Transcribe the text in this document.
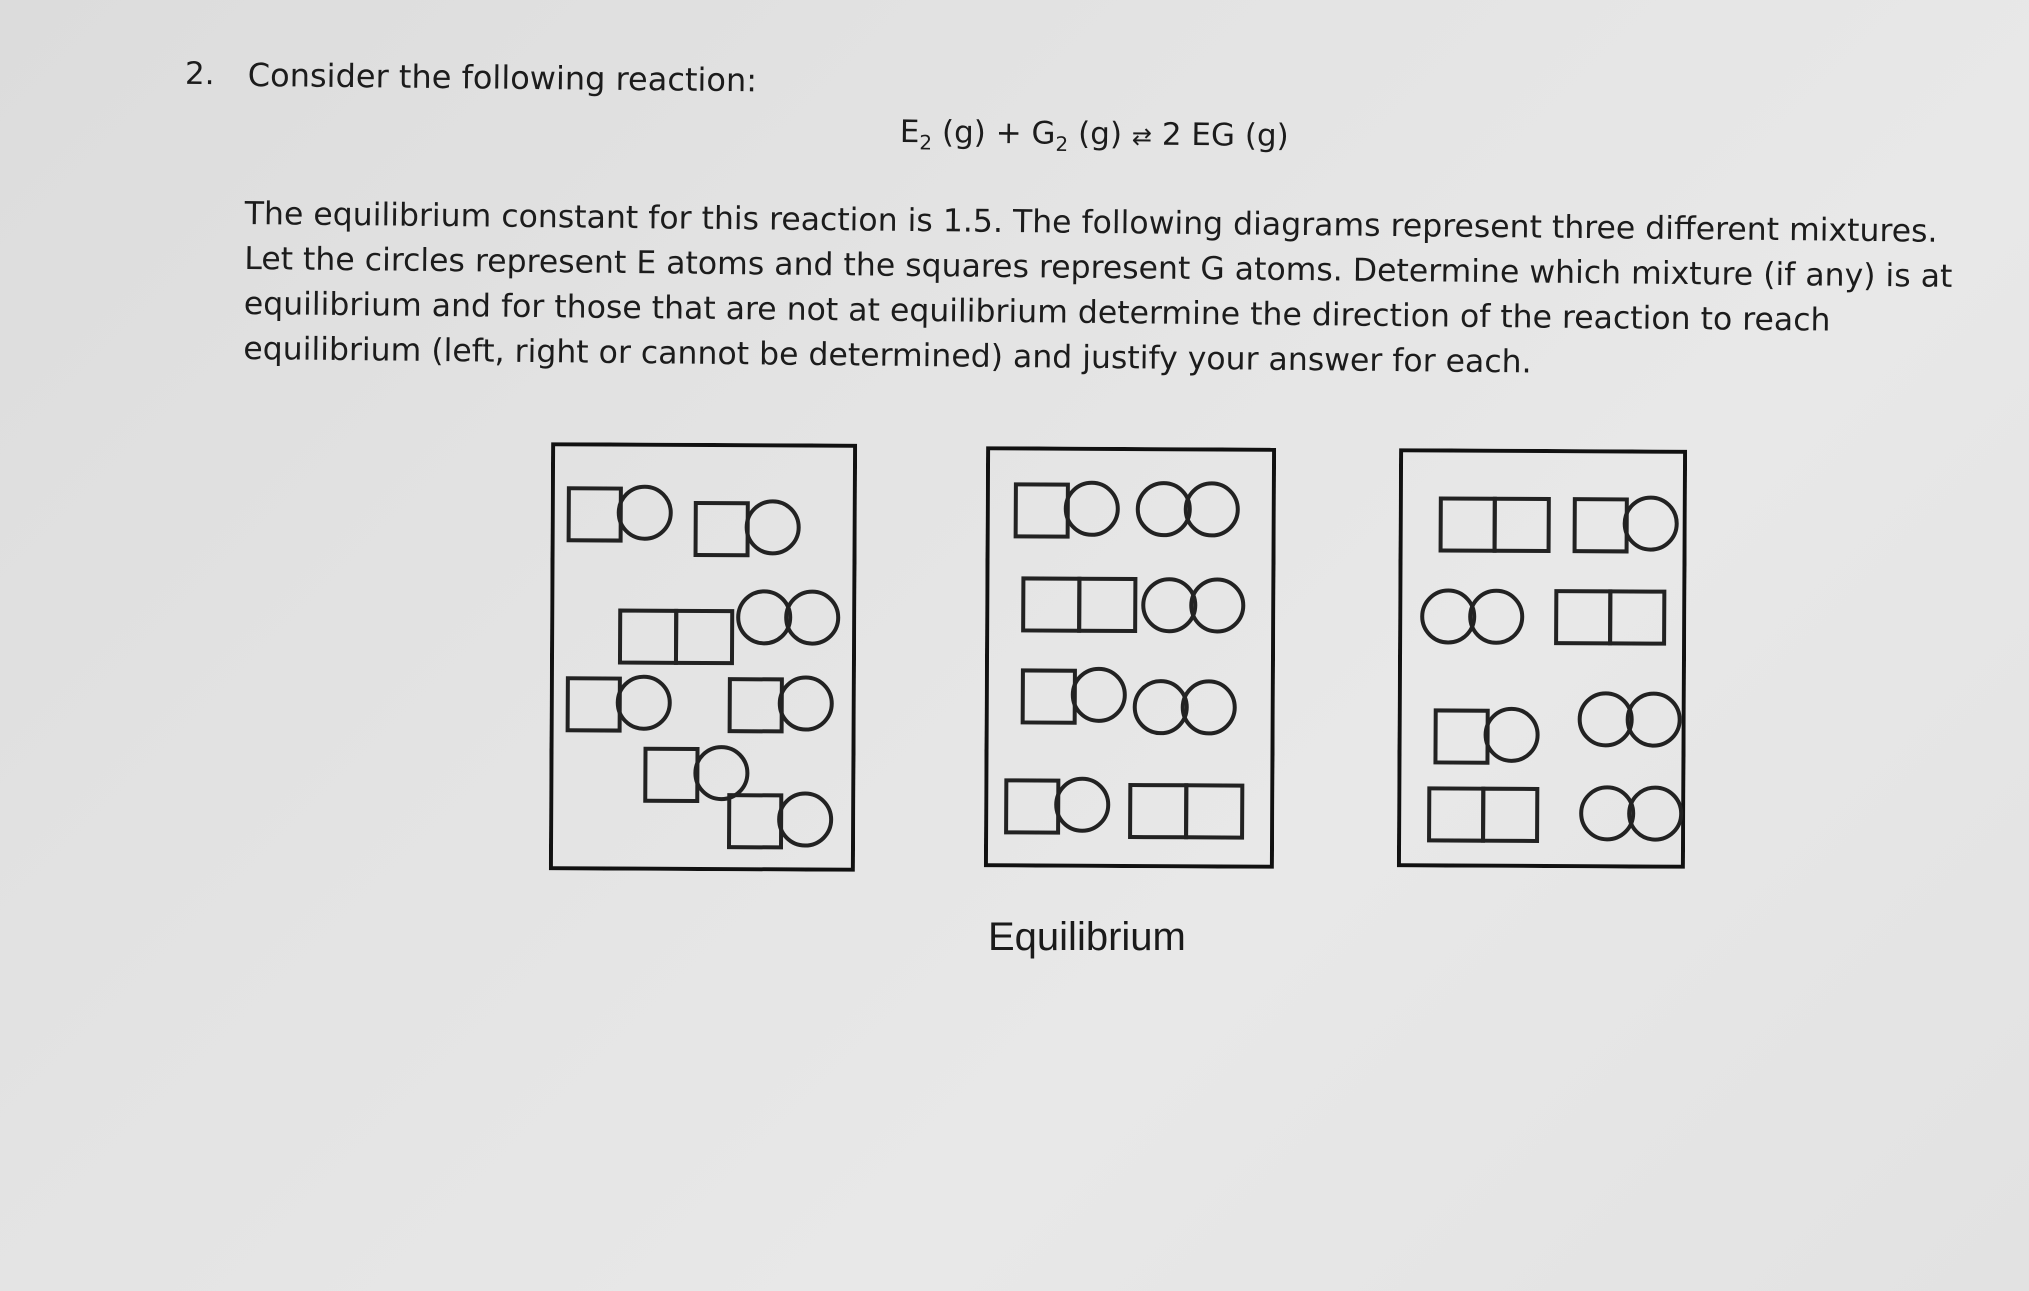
2. Consider the following reaction:
$E_2$ $(g) + G_2$ (g) ⇄ 2 EG (g)
The equilibrium constant for this reaction is 1.5. The following diagrams represent three different mixtures. Let the circles represent E atoms and the squares represent G atoms. Determine which mixture (if any) is at equilibrium and for those that are not at equilibrium determine the direction of the reaction to reach equilibrium (left, right or cannot be determined) and justify your answer for each.
Equilibrium
